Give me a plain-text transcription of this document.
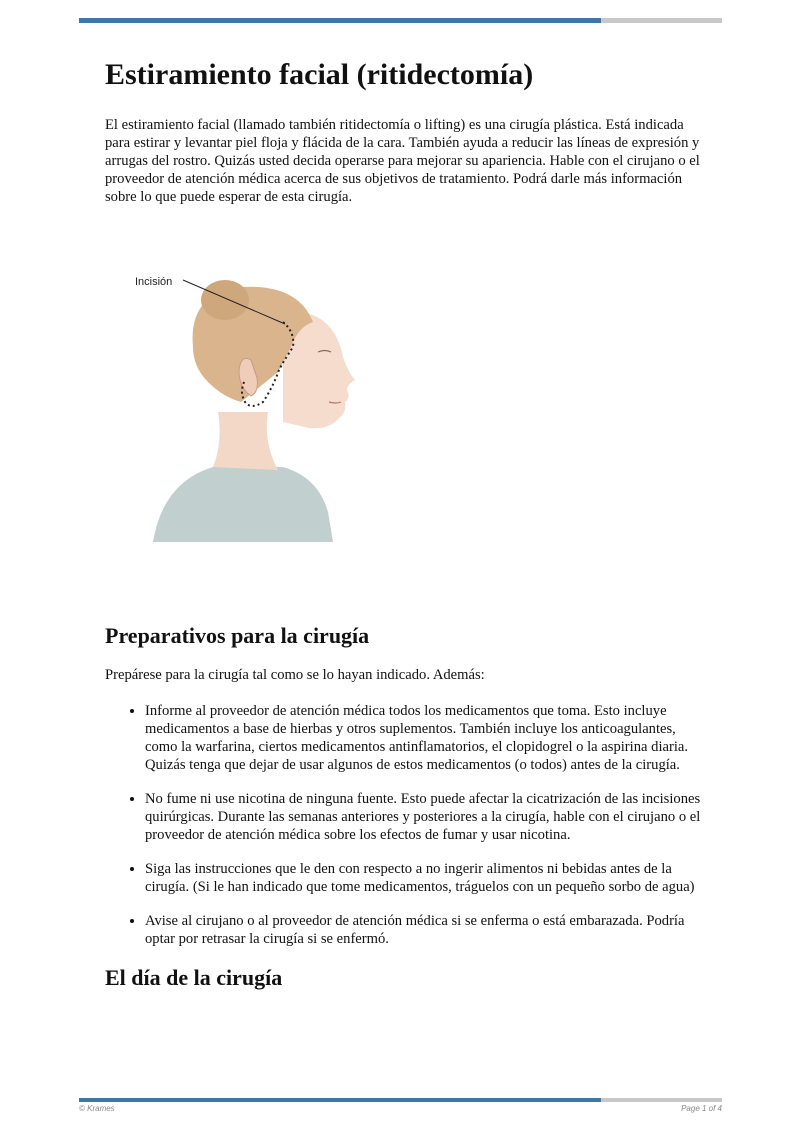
Estiramiento facial (ritidectomía)

El estiramiento facial (llamado también ritidectomía o lifting) es una cirugía plástica. Está indicada para estirar y levantar piel floja y flácida de la cara. También ayuda a reducir las líneas de expresión y arrugas del rostro. Quizás usted decida operarse para mejorar su apariencia. Hable con el cirujano o el proveedor de atención médica acerca de sus objetivos de tratamiento. Podrá darle más información sobre lo que puede esperar de esta cirugía.

Incisión
Preparativos para la cirugía

Prepárese para la cirugía tal como se lo hayan indicado. Además:

• Informe al proveedor de atención médica todos los medicamentos que toma. Esto incluye medicamentos a base de hierbas y otros suplementos. También incluye los anticoagulantes, como la warfarina, ciertos medicamentos antinflamatorios, el clopidogrel o la aspirina diaria. Quizás tenga que dejar de usar algunos de estos medicamentos (o todos) antes de la cirugía.
• No fume ni use nicotina de ninguna fuente. Esto puede afectar la cicatrización de las incisiones quirúrgicas. Durante las semanas anteriores y posteriores a la cirugía, hable con el cirujano o el proveedor de atención médica sobre los efectos de fumar y usar nicotina.
• Siga las instrucciones que le den con respecto a no ingerir alimentos ni bebidas antes de la cirugía. (Si le han indicado que tome medicamentos, tráguelos con un pequeño sorbo de agua)
• Avise al cirujano o al proveedor de atención médica si se enferma o está embarazada. Podría optar por retrasar la cirugía si se enfermó.
El día de la cirugía
© Krames	Page 1 of 4
